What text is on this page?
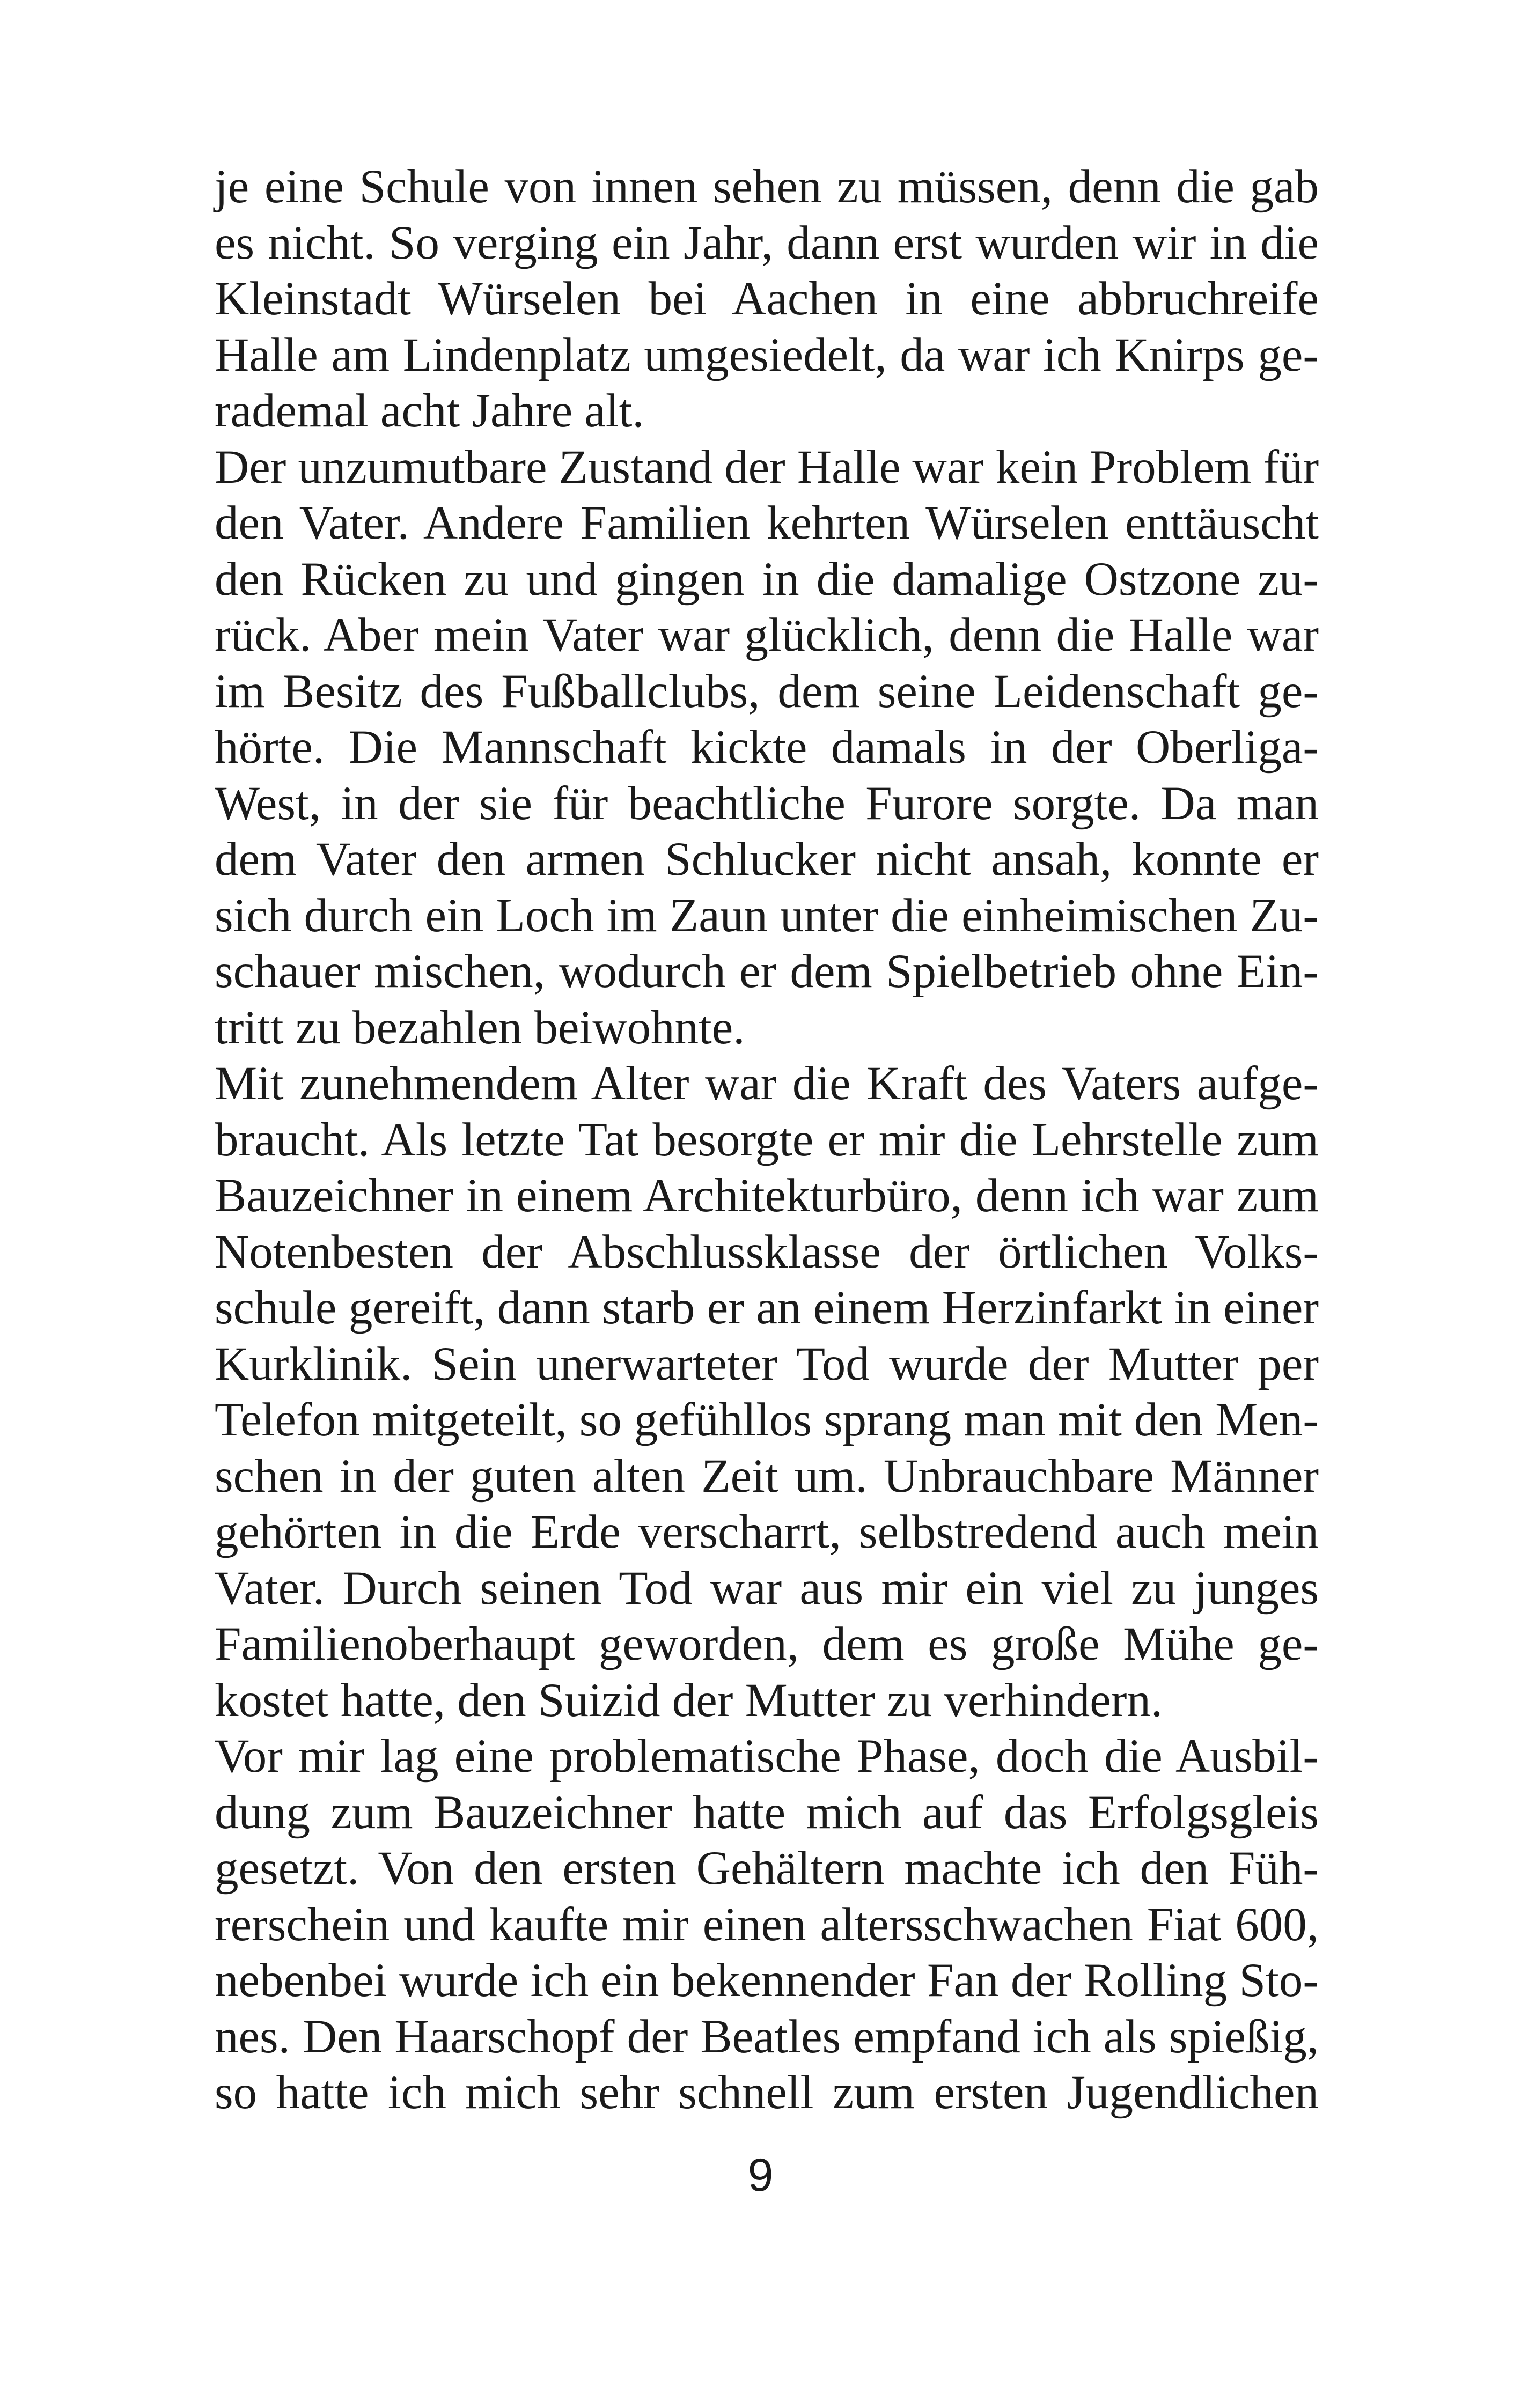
je eine Schule von innen sehen zu müssen, denn die gab
es nicht. So verging ein Jahr, dann erst wurden wir in die
Kleinstadt Würselen bei Aachen in eine abbruchreife
Halle am Lindenplatz umgesiedelt, da war ich Knirps ge-
rademal acht Jahre alt.
Der unzumutbare Zustand der Halle war kein Problem für
den Vater. Andere Familien kehrten Würselen enttäuscht
den Rücken zu und gingen in die damalige Ostzone zu-
rück. Aber mein Vater war glücklich, denn die Halle war
im Besitz des Fußballclubs, dem seine Leidenschaft ge-
hörte. Die Mannschaft kickte damals in der Oberliga-
West, in der sie für beachtliche Furore sorgte. Da man
dem Vater den armen Schlucker nicht ansah, konnte er
sich durch ein Loch im Zaun unter die einheimischen Zu-
schauer mischen, wodurch er dem Spielbetrieb ohne Ein-
tritt zu bezahlen beiwohnte.
Mit zunehmendem Alter war die Kraft des Vaters aufge-
braucht. Als letzte Tat besorgte er mir die Lehrstelle zum
Bauzeichner in einem Architekturbüro, denn ich war zum
Notenbesten der Abschlussklasse der örtlichen Volks-
schule gereift, dann starb er an einem Herzinfarkt in einer
Kurklinik. Sein unerwarteter Tod wurde der Mutter per
Telefon mitgeteilt, so gefühllos sprang man mit den Men-
schen in der guten alten Zeit um. Unbrauchbare Männer
gehörten in die Erde verscharrt, selbstredend auch mein
Vater. Durch seinen Tod war aus mir ein viel zu junges
Familienoberhaupt geworden, dem es große Mühe ge-
kostet hatte, den Suizid der Mutter zu verhindern.
Vor mir lag eine problematische Phase, doch die Ausbil-
dung zum Bauzeichner hatte mich auf das Erfolgsgleis
gesetzt. Von den ersten Gehältern machte ich den Füh-
rerschein und kaufte mir einen altersschwachen Fiat 600,
nebenbei wurde ich ein bekennender Fan der Rolling Sto-
nes. Den Haarschopf der Beatles empfand ich als spießig,
so hatte ich mich sehr schnell zum ersten Jugendlichen
9
